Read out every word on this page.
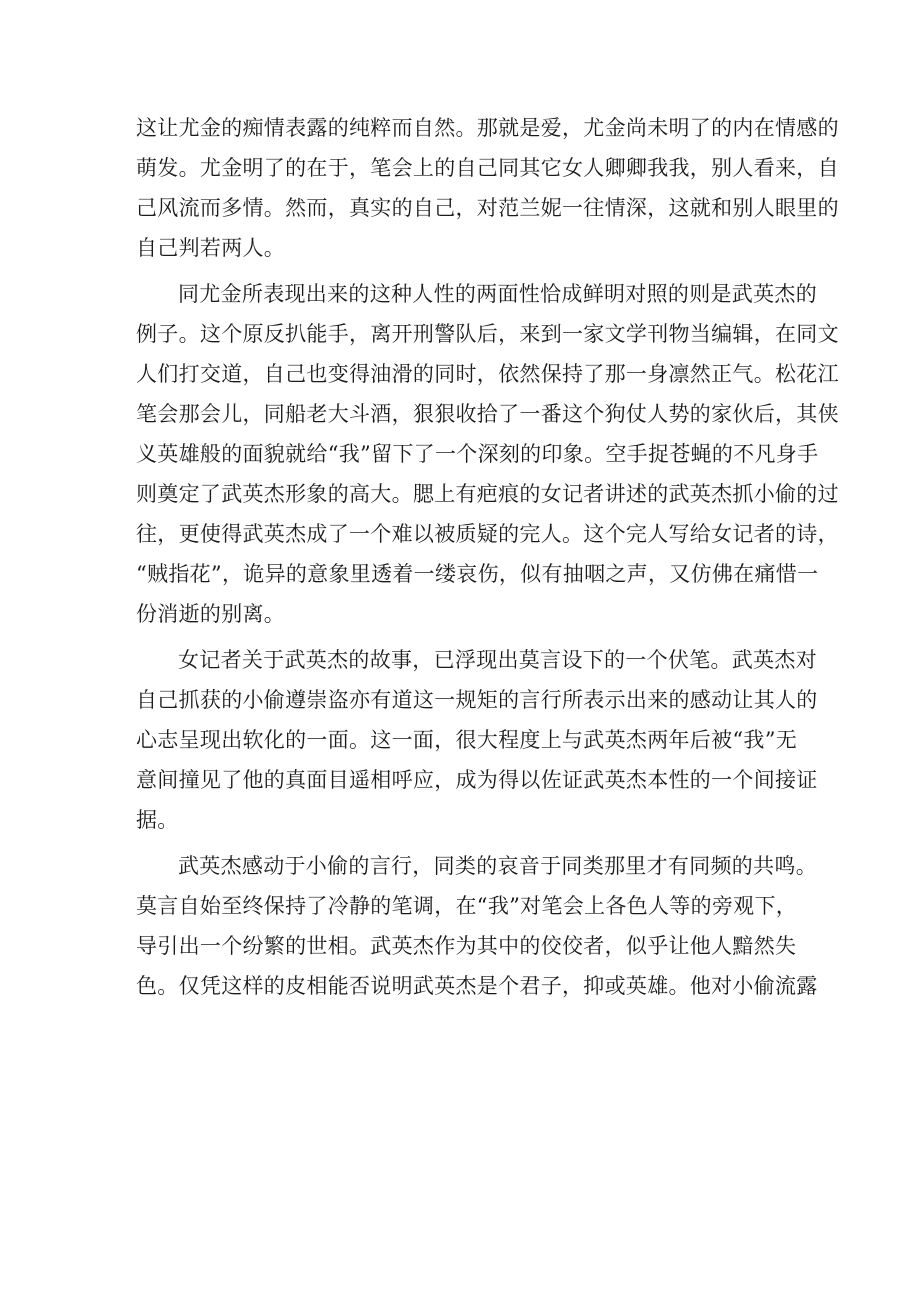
这让尤金的痴情表露的纯粹而自然。那就是爱，尤金尚未明了的内在情感的
萌发。尤金明了的在于，笔会上的自己同其它女人卿卿我我，别人看来，自
己风流而多情。然而，真实的自己，对范兰妮一往情深，这就和别人眼里的
自己判若两人。
同尤金所表现出来的这种人性的两面性恰成鲜明对照的则是武英杰的
例子。这个原反扒能手，离开刑警队后，来到一家文学刊物当编辑，在同文
人们打交道，自己也变得油滑的同时，依然保持了那一身凛然正气。松花江
笔会那会儿，同船老大斗酒，狠狠收拾了一番这个狗仗人势的家伙后，其侠
义英雄般的面貌就给“我”留下了一个深刻的印象。空手捉苍蝇的不凡身手
则奠定了武英杰形象的高大。腮上有疤痕的女记者讲述的武英杰抓小偷的过
往，更使得武英杰成了一个难以被质疑的完人。这个完人写给女记者的诗，
“贼指花”，诡异的意象里透着一缕哀伤，似有抽咽之声，又仿佛在痛惜一
份消逝的别离。
女记者关于武英杰的故事，已浮现出莫言设下的一个伏笔。武英杰对
自己抓获的小偷遵崇盗亦有道这一规矩的言行所表示出来的感动让其人的
心志呈现出软化的一面。这一面，很大程度上与武英杰两年后被“我”无
意间撞见了他的真面目遥相呼应，成为得以佐证武英杰本性的一个间接证
据。
武英杰感动于小偷的言行，同类的哀音于同类那里才有同频的共鸣。
莫言自始至终保持了冷静的笔调，在“我”对笔会上各色人等的旁观下，
导引出一个纷繁的世相。武英杰作为其中的佼佼者，似乎让他人黯然失
色。仅凭这样的皮相能否说明武英杰是个君子，抑或英雄。他对小偷流露
